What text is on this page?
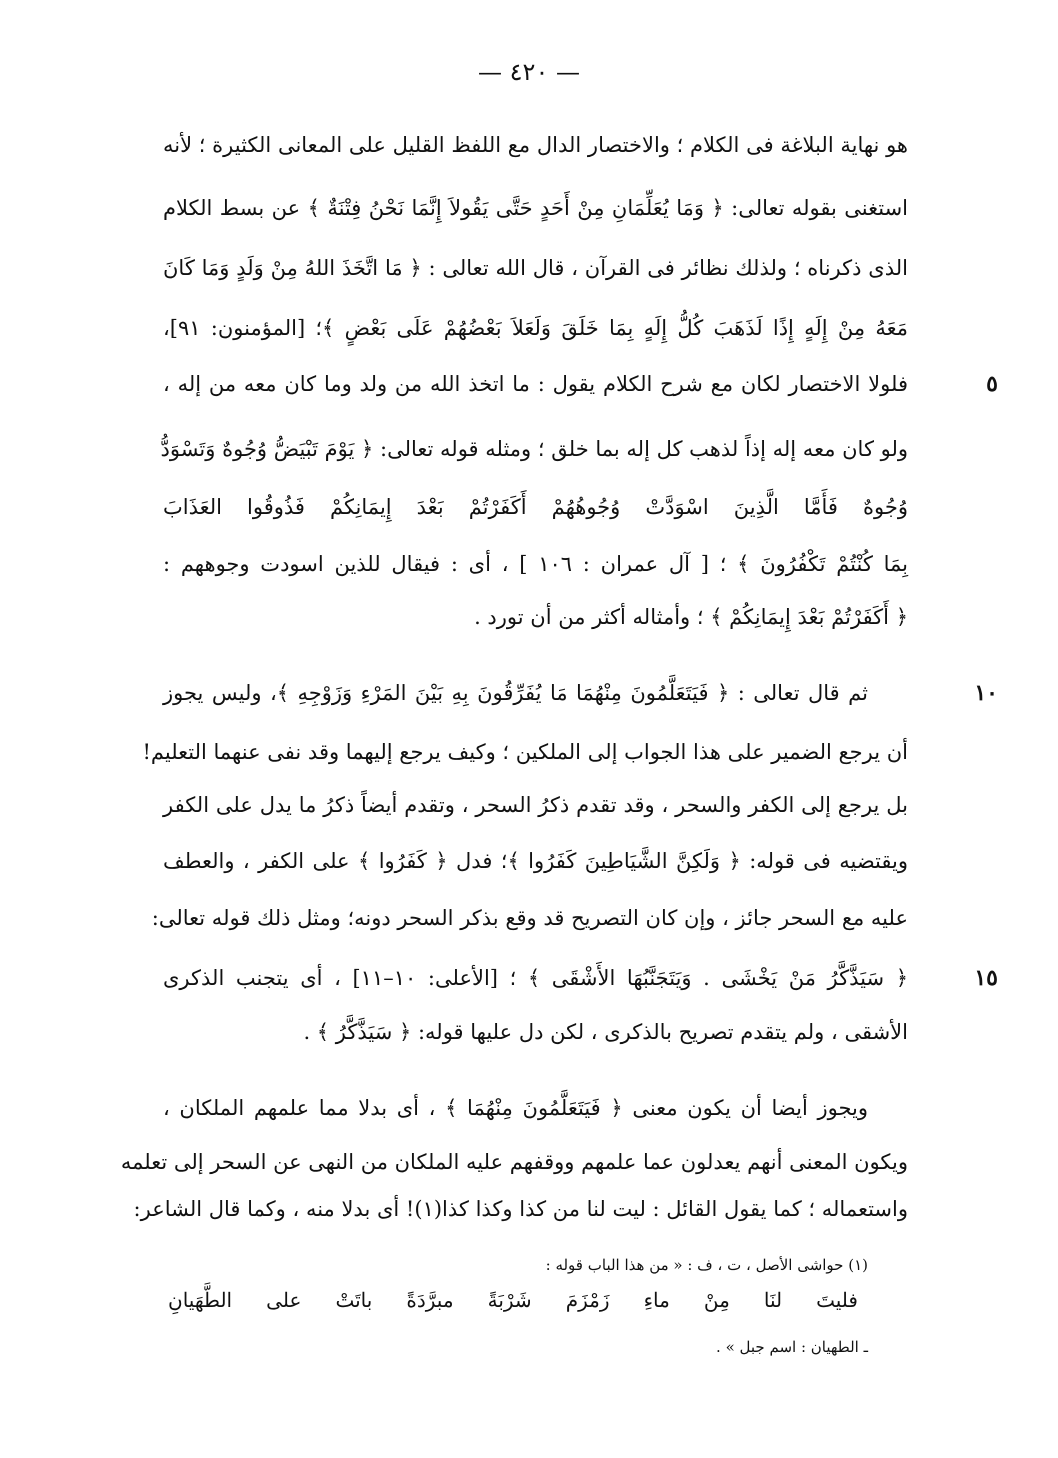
— ٤٢٠ —
هو نهاية البلاغة فى الكلام ؛ والاختصار الدال مع اللفظ القليل على المعانى الكثيرة ؛ لأنه
استغنى بقوله تعالى: ﴿ وَمَا يُعَلِّمَانِ مِنْ أَحَدٍ حَتَّى يَقُولاَ إِنَّمَا نَحْنُ فِتْنَةٌ ﴾ عن بسط الكلام
الذى ذكرناه ؛ ولذلك نظائر فى القرآن ، قال الله تعالى : ﴿ مَا اتَّخَذَ اللهُ مِنْ وَلَدٍ وَمَا كَانَ
مَعَهُ مِنْ إِلَهٍ إِذًا لَذَهَبَ كُلُّ إِلَهٍ بِمَا خَلَقَ وَلَعَلاَ بَعْضُهُمْ عَلَى بَعْضٍ ﴾؛ [المؤمنون: ٩١]،
٥
فلولا الاختصار لكان مع شرح الكلام يقول : ما اتخذ الله من ولد وما كان معه من إله ،
ولو كان معه إله إذاً لذهب كل إله بما خلق ؛ ومثله قوله تعالى: ﴿ يَوْمَ تَبْيَضُّ وُجُوهٌ وَتَسْوَدُّ
وُجُوهٌ فَأَمَّا الَّذِينَ اسْوَدَّتْ وُجُوهُهُمْ أَكَفَرْتُمْ بَعْدَ إِيمَانِكُمْ فَذُوقُوا العَذَابَ
بِمَا كُنْتُمْ تَكْفُرُونَ ﴾ ؛ [ آل عمران : ١٠٦ ] ، أى : فيقال للذين اسودت وجوههم :
﴿ أَكَفَرْتُمْ بَعْدَ إِيمَانِكُمْ ﴾ ؛ وأمثاله أكثر من أن تورد .
١٠
ثم قال تعالى : ﴿ فَيَتَعَلَّمُونَ مِنْهُمَا مَا يُفَرِّقُونَ بِهِ بَيْنَ المَرْءِ وَزَوْجِهِ ﴾، وليس يجوز
أن يرجع الضمير على هذا الجواب إلى الملكين ؛ وكيف يرجع إليهما وقد نفى عنهما التعليم!
بل يرجع إلى الكفر والسحر ، وقد تقدم ذكرُ السحر ، وتقدم أيضاً ذكرُ ما يدل على الكفر
ويقتضيه فى قوله: ﴿ وَلَكِنَّ الشَّيَاطِينَ كَفَرُوا ﴾؛ فدل ﴿ كَفَرُوا ﴾ على الكفر ، والعطف
عليه مع السحر جائز ، وإن كان التصريح قد وقع بذكر السحر دونه؛ ومثل ذلك قوله تعالى:
١٥
﴿ سَيَذَّكَّرُ مَنْ يَخْشَى . وَيَتَجَنَّبُهَا الأَشْقَى ﴾ ؛ [الأعلى: ١٠–١١] ، أى يتجنب الذكرى
الأشقى ، ولم يتقدم تصريح بالذكرى ، لكن دل عليها قوله: ﴿ سَيَذَّكَّرُ ﴾ .
ويجوز أيضا أن يكون معنى ﴿ فَيَتَعَلَّمُونَ مِنْهُمَا ﴾ ، أى بدلا مما علمهم الملكان ،
ويكون المعنى أنهم يعدلون عما علمهم ووقفهم عليه الملكان من النهى عن السحر إلى تعلمه
واستعماله ؛ كما يقول القائل : ليت لنا من كذا وكذا كذا(١)! أى بدلا منه ، وكما قال الشاعر:
(١) حواشى الأصل ، ت ، ف : « من هذا الباب قوله :
فليتَ لنَا مِنْ ماءِ زَمْزَمَ شَرْبَةً مبرَّدَةً باتَتْ على الطَّهَيانِ
ـ الطهيان : اسم جبل » .
